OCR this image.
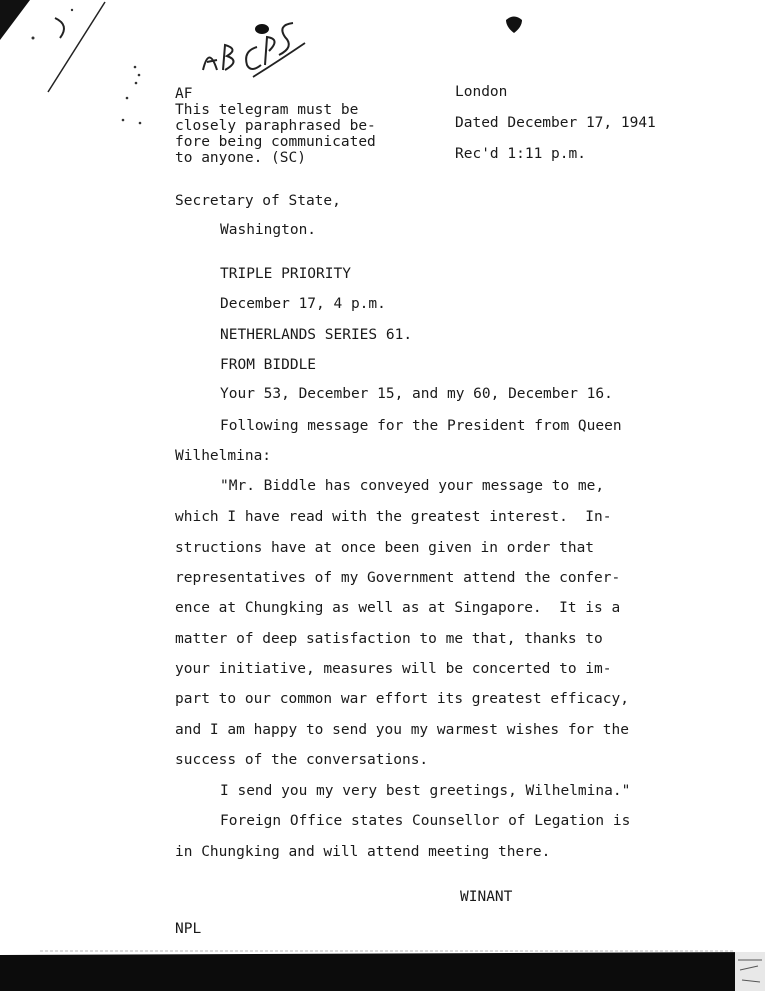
AF
This telegram must be
closely paraphrased be-
fore being communicated
to anyone. (SC)
London
Dated December 17, 1941
Rec'd 1:11 p.m.
Secretary of State,
Washington.
TRIPLE PRIORITY
December 17, 4 p.m.
NETHERLANDS SERIES 61.
FROM BIDDLE
Your 53, December 15, and my 60, December 16.
Following message for the President from Queen
Wilhelmina:
"Mr. Biddle has conveyed your message to me,
which I have read with the greatest interest.  In-
structions have at once been given in order that
representatives of my Government attend the confer-
ence at Chungking as well as at Singapore.  It is a
matter of deep satisfaction to me that, thanks to
your initiative, measures will be concerted to im-
part to our common war effort its greatest efficacy,
and I am happy to send you my warmest wishes for the
success of the conversations.
I send you my very best greetings, Wilhelmina."
Foreign Office states Counsellor of Legation is
in Chungking and will attend meeting there.
WINANT
NPL
